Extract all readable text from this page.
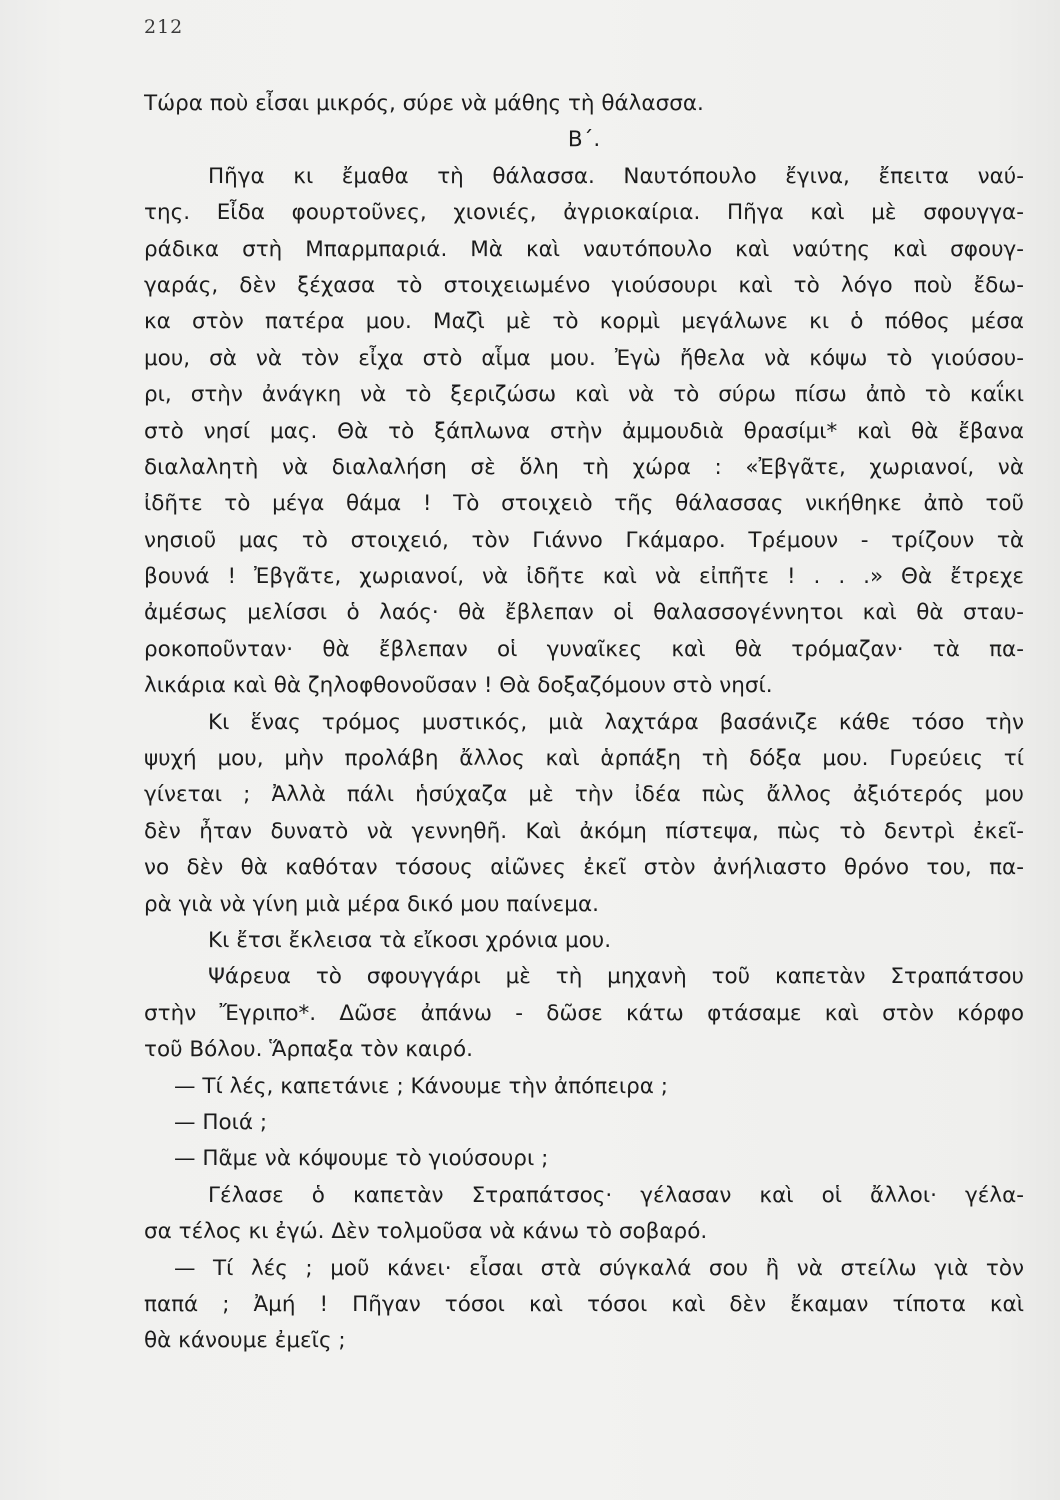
212
Τώρα ποὺ εἶσαι μικρός, σύρε νὰ μάθης τὴ θάλασσα.
Β΄.
Πῆγα κι ἔμαθα τὴ θάλασσα. Ναυτόπουλο ἔγινα, ἔπειτα ναύ-
της. Εἶδα φουρτοῦνες, χιονιές, ἀγριοκαίρια. Πῆγα καὶ μὲ σφουγγα-
ράδικα στὴ Μπαρμπαριά. Μὰ καὶ ναυτόπουλο καὶ ναύτης καὶ σφουγ-
γαράς, δὲν ξέχασα τὸ στοιχειωμένο γιούσουρι καὶ τὸ λόγο ποὺ ἔδω-
κα στὸν πατέρα μου. Μαζὶ μὲ τὸ κορμὶ μεγάλωνε κι ὁ πόθος μέσα
μου, σὰ νὰ τὸν εἶχα στὸ αἷμα μου. Ἐγὼ ἤθελα νὰ κόψω τὸ γιούσου-
ρι, στὴν ἀνάγκη νὰ τὸ ξεριζώσω καὶ νὰ τὸ σύρω πίσω ἀπὸ τὸ καΐκι
στὸ νησί μας. Θὰ τὸ ξάπλωνα στὴν ἀμμουδιὰ θρασίμι* καὶ θὰ ἔβανα
διαλαλητὴ νὰ διαλαλήση σὲ ὅλη τὴ χώρα : «Ἐβγᾶτε, χωριανοί, νὰ
ἰδῆτε τὸ μέγα θάμα ! Τὸ στοιχειὸ τῆς θάλασσας νικήθηκε ἀπὸ τοῦ
νησιοῦ μας τὸ στοιχειό, τὸν Γιάννο Γκάμαρο. Τρέμουν - τρίζουν τὰ
βουνά ! Ἐβγᾶτε, χωριανοί, νὰ ἰδῆτε καὶ νὰ εἰπῆτε ! . . .» Θὰ ἔτρεχε
ἀμέσως μελίσσι ὁ λαός· θὰ ἔβλεπαν οἱ θαλασσογέννητοι καὶ θὰ σταυ-
ροκοποῦνταν· θὰ ἔβλεπαν οἱ γυναῖκες καὶ θὰ τρόμαζαν· τὰ πα-
λικάρια καὶ θὰ ζηλοφθονοῦσαν ! Θὰ δοξαζόμουν στὸ νησί.
Κι ἕνας τρόμος μυστικός, μιὰ λαχτάρα βασάνιζε κάθε τόσο τὴν
ψυχή μου, μὴν προλάβη ἄλλος καὶ ἁρπάξη τὴ δόξα μου. Γυρεύεις τί
γίνεται ; Ἀλλὰ πάλι ἡσύχαζα μὲ τὴν ἰδέα πὼς ἄλλος ἀξιότερός μου
δὲν ἦταν δυνατὸ νὰ γεννηθῆ. Καὶ ἀκόμη πίστεψα, πὼς τὸ δεντρὶ ἐκεῖ-
νο δὲν θὰ καθόταν τόσους αἰῶνες ἐκεῖ στὸν ἀνήλιαστο θρόνο του, πα-
ρὰ γιὰ νὰ γίνη μιὰ μέρα δικό μου παίνεμα.
Κι ἔτσι ἔκλεισα τὰ εἴκοσι χρόνια μου.
Ψάρευα τὸ σφουγγάρι μὲ τὴ μηχανὴ τοῦ καπετὰν Στραπάτσου
στὴν Ἔγριπο*. Δῶσε ἀπάνω - δῶσε κάτω φτάσαμε καὶ στὸν κόρφο
τοῦ Βόλου. Ἅρπαξα τὸν καιρό.
— Τί λές, καπετάνιε ; Κάνουμε τὴν ἀπόπειρα ;
— Ποιά ;
— Πᾶμε νὰ κόψουμε τὸ γιούσουρι ;
Γέλασε ὁ καπετὰν Στραπάτσος· γέλασαν καὶ οἱ ἄλλοι· γέλα-
σα τέλος κι ἐγώ. Δὲν τολμοῦσα νὰ κάνω τὸ σοβαρό.
— Τί λές ; μοῦ κάνει· εἶσαι στὰ σύγκαλά σου ἢ νὰ στείλω γιὰ τὸν
παπά ; Ἀμή ! Πῆγαν τόσοι καὶ τόσοι καὶ δὲν ἔκαμαν τίποτα καὶ
θὰ κάνουμε ἐμεῖς ;
